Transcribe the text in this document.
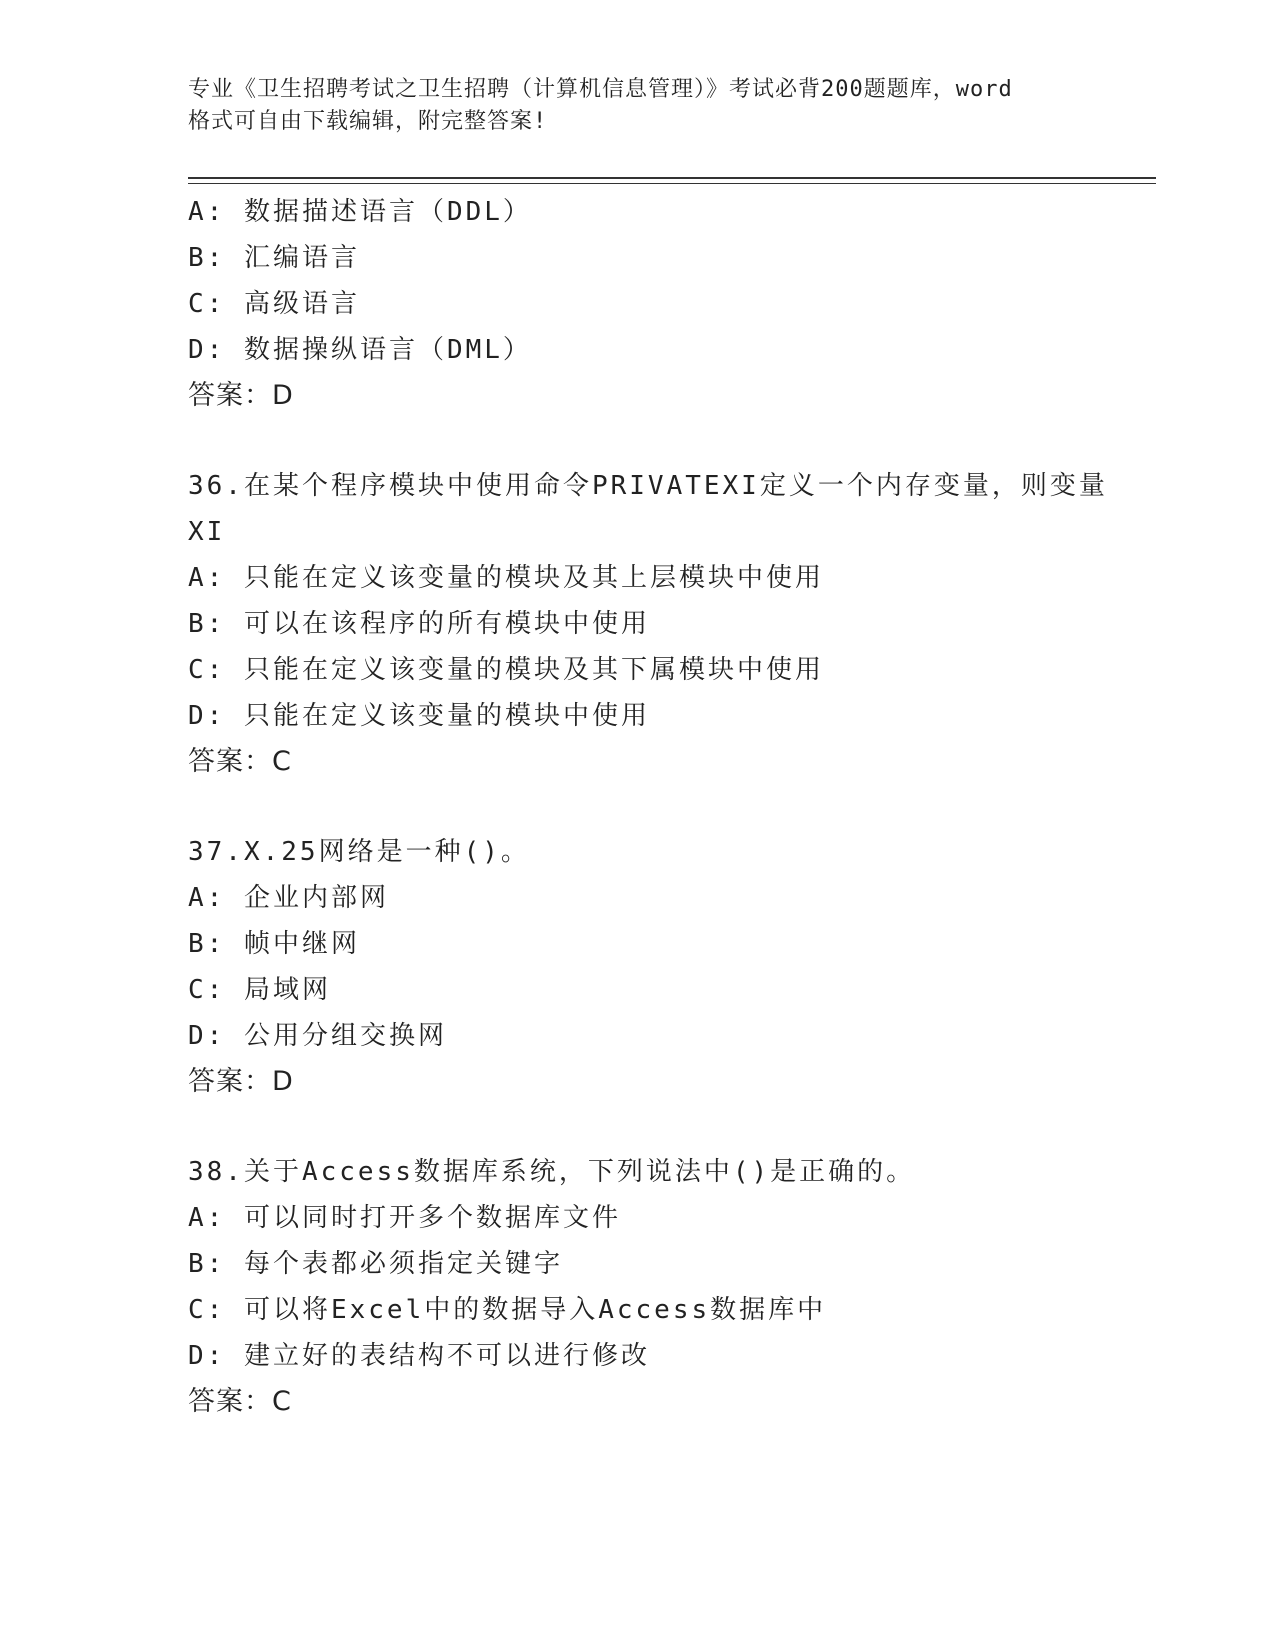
专业《卫生招聘考试之卫生招聘（计算机信息管理）》考试必背200题题库，word
格式可自由下载编辑，附完整答案!
A: 数据描述语言（DDL）
B: 汇编语言
C: 高级语言
D: 数据操纵语言（DML）
答案：D
36.在某个程序模块中使用命令PRIVATEXI定义一个内存变量，则变量
XI
A: 只能在定义该变量的模块及其上层模块中使用
B: 可以在该程序的所有模块中使用
C: 只能在定义该变量的模块及其下属模块中使用
D: 只能在定义该变量的模块中使用
答案：C
37.X.25网络是一种()。
A: 企业内部网
B: 帧中继网
C: 局域网
D: 公用分组交换网
答案：D
38.关于Access数据库系统，下列说法中()是正确的。
A: 可以同时打开多个数据库文件
B: 每个表都必须指定关键字
C: 可以将Excel中的数据导入Access数据库中
D: 建立好的表结构不可以进行修改
答案：C
